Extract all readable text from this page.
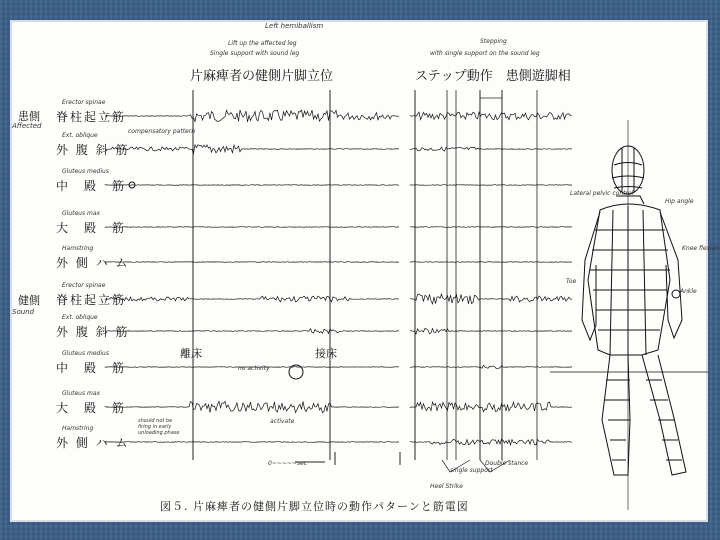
Left hemiballism
Lift up the affected leg
Single support with sound leg
片麻痺者の健側片脚立位
Stepping
with single support on the sound leg
ステップ動作　患側遊脚相
患側
Affected
健側
Sound
Erector spinae
脊柱起立筋
Ext. oblique
外 腹 斜 筋
Gluteus medius
中　殿　筋
Gluteus max
大　殿　筋
Hamstring
外 側 ハ ム
Erector spinae
脊柱起立筋
Ext. oblique
外 腹 斜 筋
Gluteus medius
中　殿　筋
Gluteus max
大　殿　筋
Hamstring
外 側 ハ ム
compensatory pattern
離床	接床
no activity
activate
should not be firing in early unloading phase
0~~~~~sec
Heel Strike
single support
Double stance
Lateral pelvic control
Hip angle
Knee flexion
Toe
Ankle
図５. 片麻痺者の健側片脚立位時の動作パターンと筋電図
